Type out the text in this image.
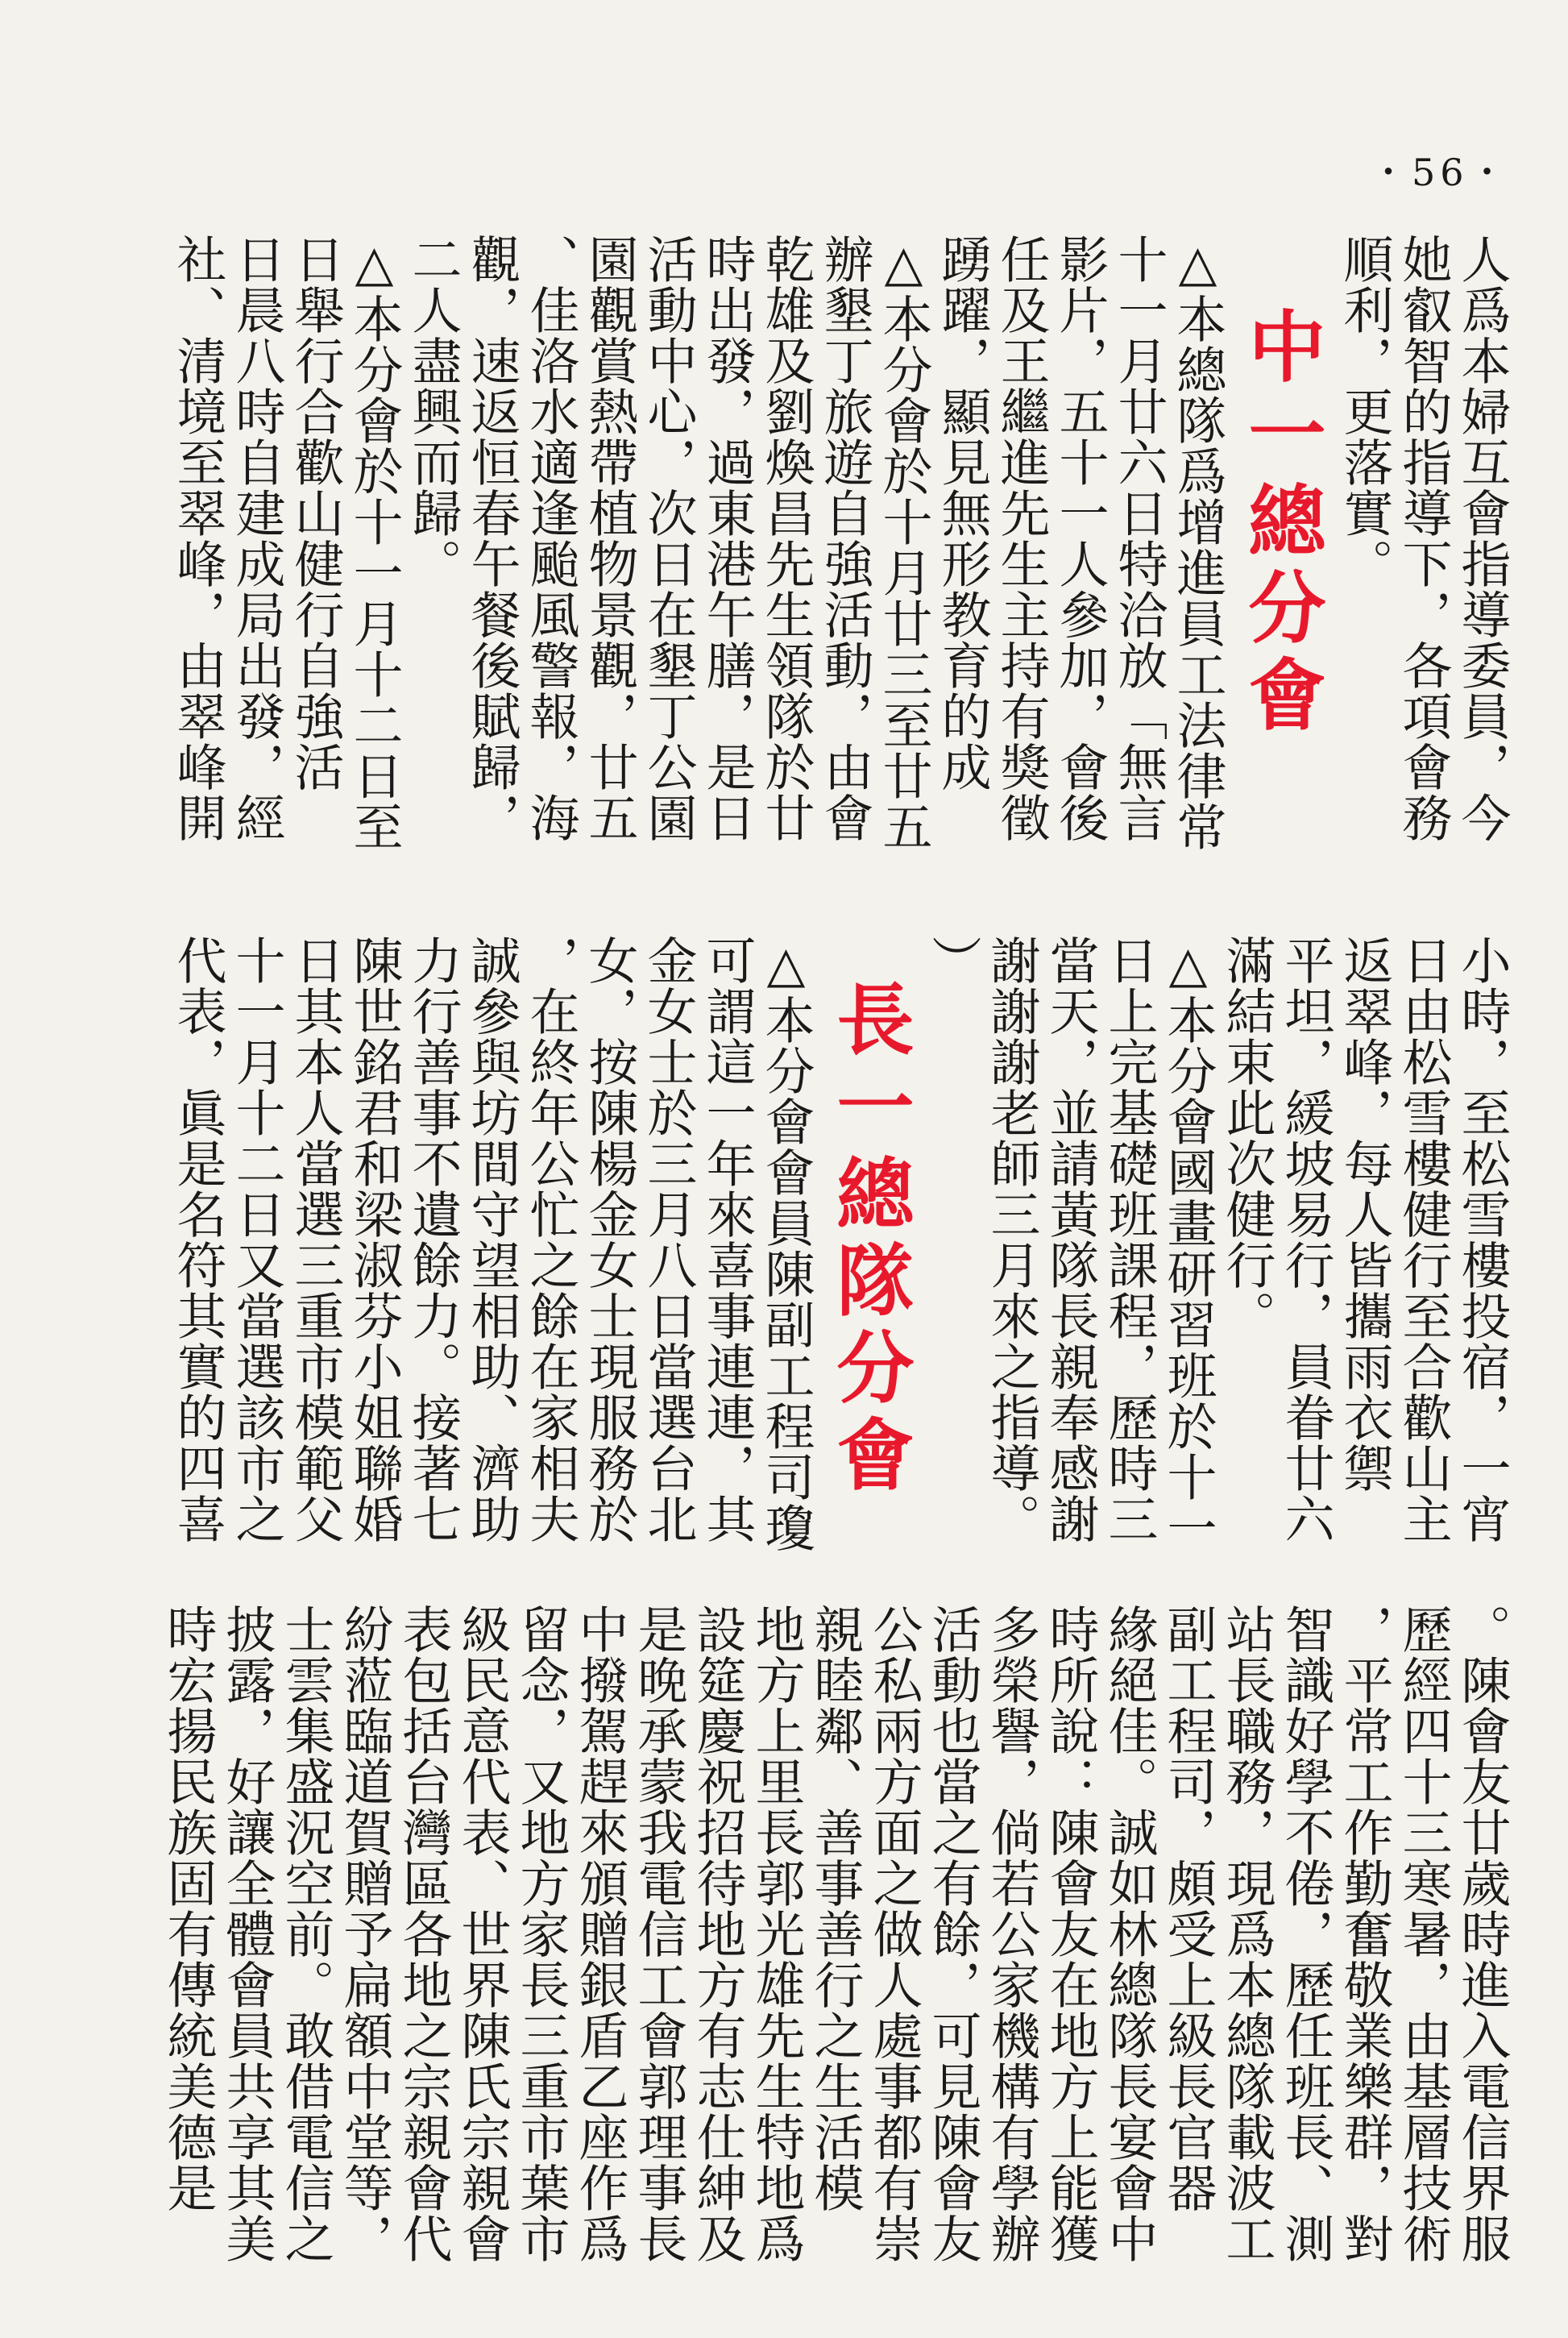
・56・
人爲本婦互會指導委員，今
她叡智的指導下，各項會務
順利，更落實。
中一總分會
△本總隊爲增進員工法律常
十一月廿六日特洽放「無言
影片，五十一人參加，會後
任及王繼進先生主持有獎徵
踴躍，顯見無形教育的成
△本分會於十月廿三至廿五
辦墾丁旅遊自強活動，由會
乾雄及劉煥昌先生領隊於廿
時出發，過東港午膳，是日
活動中心，次日在墾丁公園
園觀賞熱帶植物景觀，廿五
、佳洛水適逢颱風警報，海
觀，速返恒春午餐後賦歸，
二人盡興而歸。
△本分會於十一月十二日至
日舉行合歡山健行自強活
日晨八時自建成局出發，經
社、清境至翠峰，由翠峰開
小時，至松雪樓投宿，一宵
日由松雪樓健行至合歡山主
返翠峰，每人皆攜雨衣禦
平坦，緩坡易行，員眷廿六
滿結束此次健行。
△本分會國畫研習班於十一
日上完基礎班課程，歷時三
當天，並請黃隊長親奉感謝
謝謝謝老師三月來之指導。
）
長一總隊分會
△本分會會員陳副工程司瓊
可謂這一年來喜事連連，其
金女士於三月八日當選台北
女，按陳楊金女士現服務於
，在終年公忙之餘在家相夫
誠參與坊間守望相助、濟助
力行善事不遺餘力。接著七
陳世銘君和梁淑芬小姐聯婚
日其本人當選三重市模範父
十一月十二日又當選該市之
代表，眞是名符其實的四喜
。陳會友廿歲時進入電信界服
歷經四十三寒暑，由基層技術
，平常工作勤奮敬業樂群，對
智識好學不倦，歷任班長、測
站長職務，現爲本總隊載波工
副工程司，頗受上級長官器
緣絕佳。誠如林總隊長宴會中
時所說：陳會友在地方上能獲
多榮譽，倘若公家機構有學辦
活動也當之有餘，可見陳會友
公私兩方面之做人處事都有崇
親睦鄰、善事善行之生活模
地方上里長郭光雄先生特地爲
設筵慶祝招待地方有志仕紳及
是晚承蒙我電信工會郭理事長
中撥駕趕來頒贈銀盾乙座作爲
留念，又地方家長三重市葉市
級民意代表、世界陳氏宗親會
表包括台灣區各地之宗親會代
紛蒞臨道賀贈予扁額中堂等，
士雲集盛況空前。敢借電信之
披露，好讓全體會員共享其美
時宏揚民族固有傳統美德是
